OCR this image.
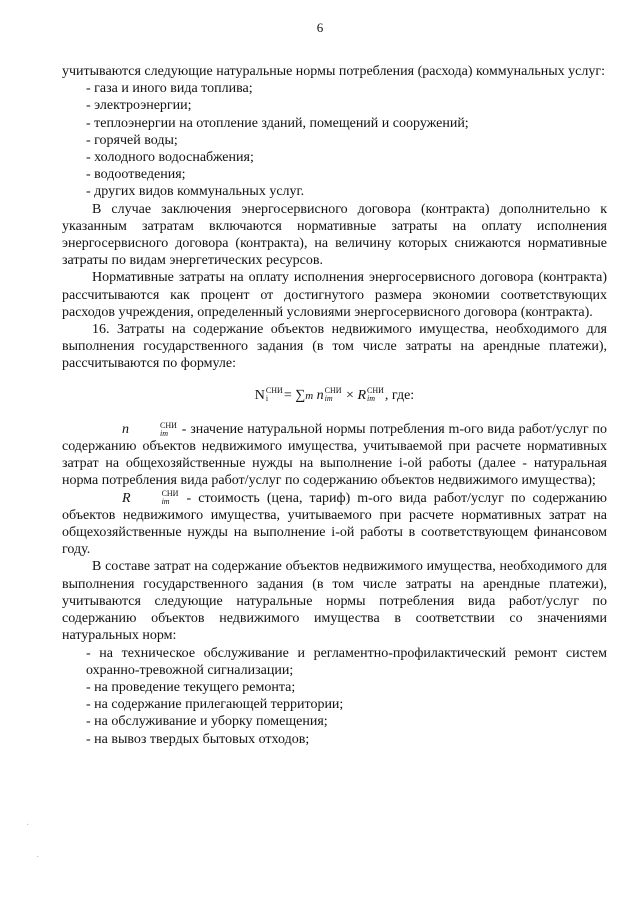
6

учитываются следующие натуральные нормы потребления (расхода) коммунальных услуг:

- газа и иного вида топлива;

- электроэнергии;

- теплоэнергии на отопление зданий, помещений и сооружений;

- горячей воды;

- холодного водоснабжения;

- водоотведения;

- других видов коммунальных услуг.

В случае заключения энергосервисного договора (контракта) дополнительно к указанным затратам включаются нормативные затраты на оплату исполнения энергосервисного договора (контракта), на величину которых снижаются нормативные затраты по видам энергетических ресурсов.

Нормативные затраты на оплату исполнения энергосервисного договора (контракта) рассчитываются как процент от достигнутого размера экономии соответствующих расходов учреждения, определенный условиями энергосервисного договора (контракта).

16. Затраты на содержание объектов недвижимого имущества, необходимого для выполнения государственного задания (в том числе затраты на арендные платежи), рассчитываются по формуле:

N СНИ
i	= ∑m n СНИ
im × R СНИ
im , где:

n	СНИ
im - значение натуральной нормы потребления m-ого вида работ/услуг по содержанию объектов недвижимого имущества, учитываемой при расчете нормативных затрат на общехозяйственные нужды на выполнение i-ой работы (далее - натуральная норма потребления вида работ/услуг по содержанию объектов недвижимого имущества);

R	СНИ
im	- стоимость (цена, тариф) m-ого вида работ/услуг по содержанию объектов недвижимого имущества, учитываемого при расчете нормативных затрат на общехозяйственные нужды на выполнение i-ой работы в соответствующем финансовом году.

В составе затрат на содержание объектов недвижимого имущества, необходимого для выполнения государственного задания (в том числе затраты на арендные платежи), учитываются следующие натуральные нормы потребления вида работ/услуг по содержанию объектов недвижимого имущества в соответствии со значениями натуральных норм:

- на техническое обслуживание и регламентно-профилактический ремонт систем охранно-тревожной сигнализации;

- на проведение текущего ремонта;

- на содержание прилегающей территории;

- на обслуживание и уборку помещения;

- на вывоз твердых бытовых отходов;

·
·
